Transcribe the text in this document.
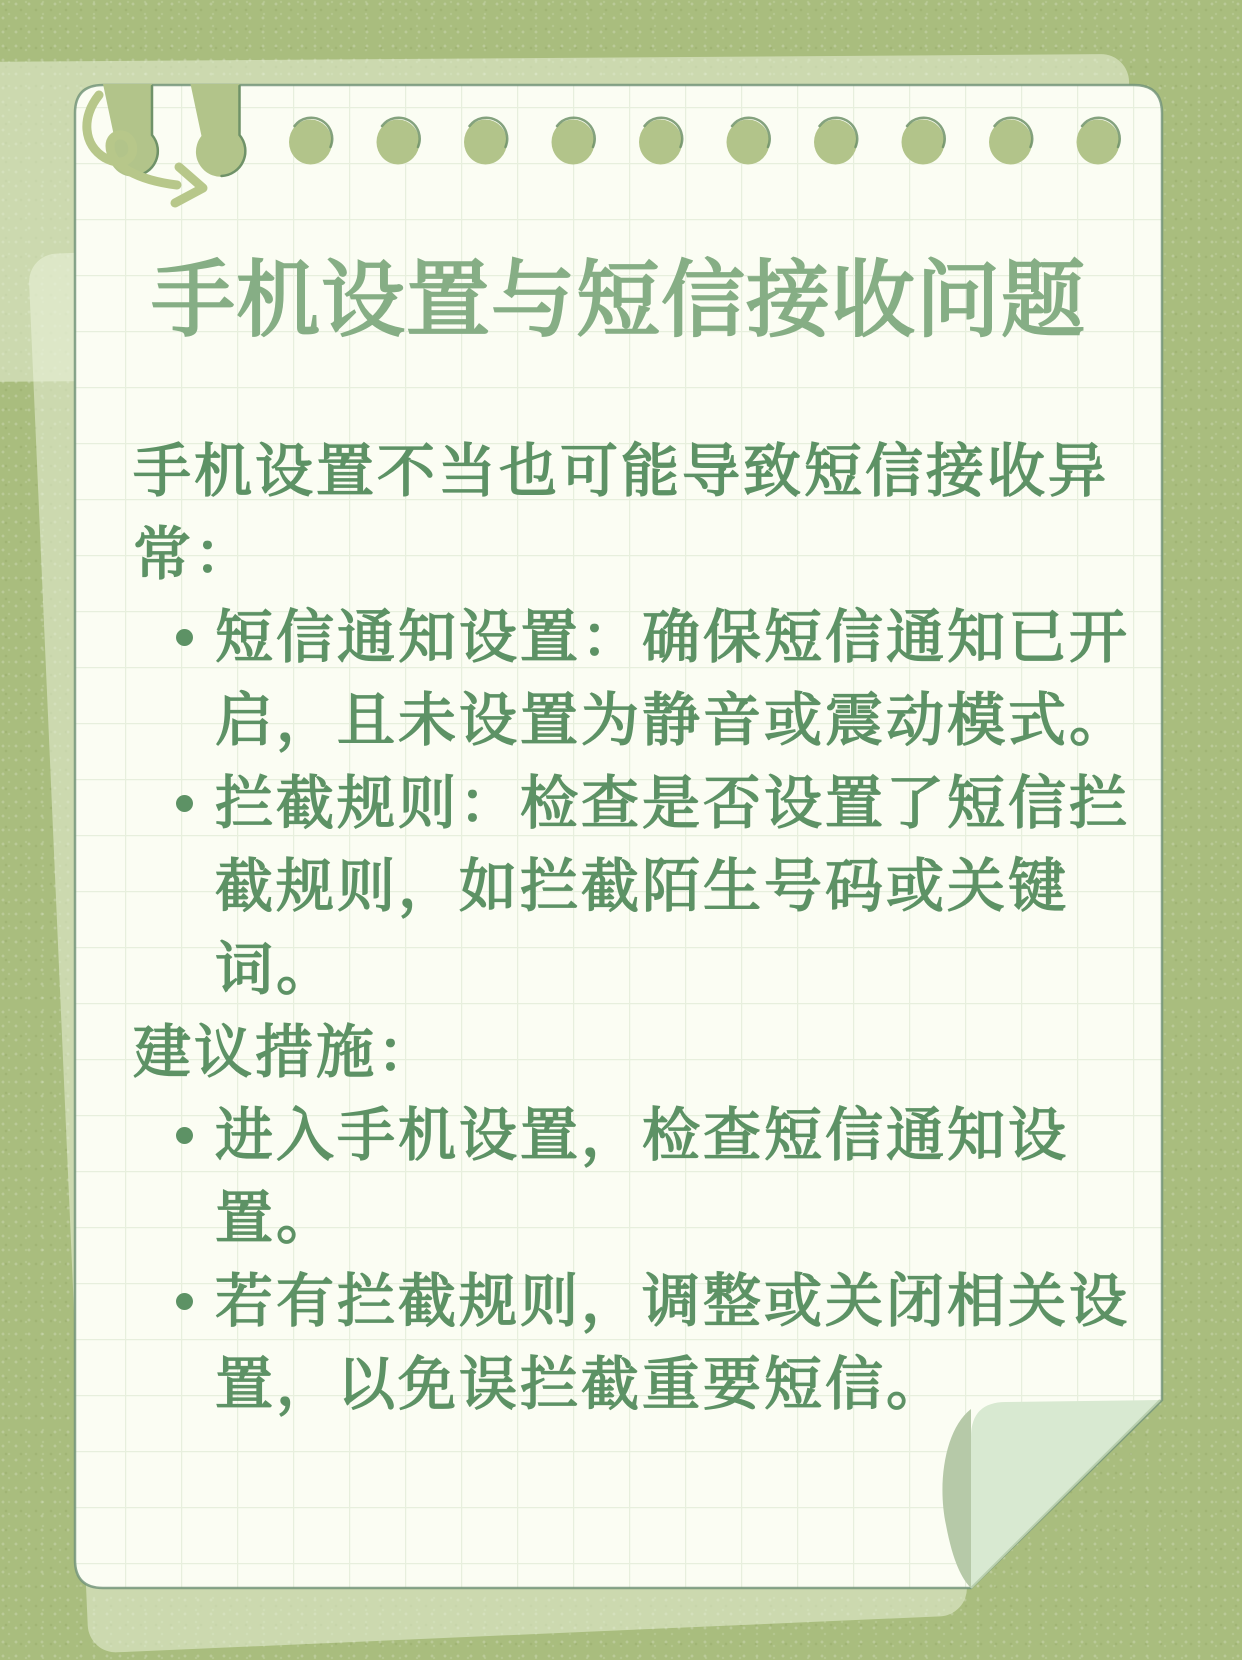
手机设置与短信接收问题
手机设置不当也可能导致短信接收异
常：
短信通知设置：确保短信通知已开
启，且未设置为静音或震动模式。
拦截规则：检查是否设置了短信拦
截规则，如拦截陌生号码或关键
词。
建议措施：
进入手机设置，检查短信通知设
置。
若有拦截规则，调整或关闭相关设
置，以免误拦截重要短信。
